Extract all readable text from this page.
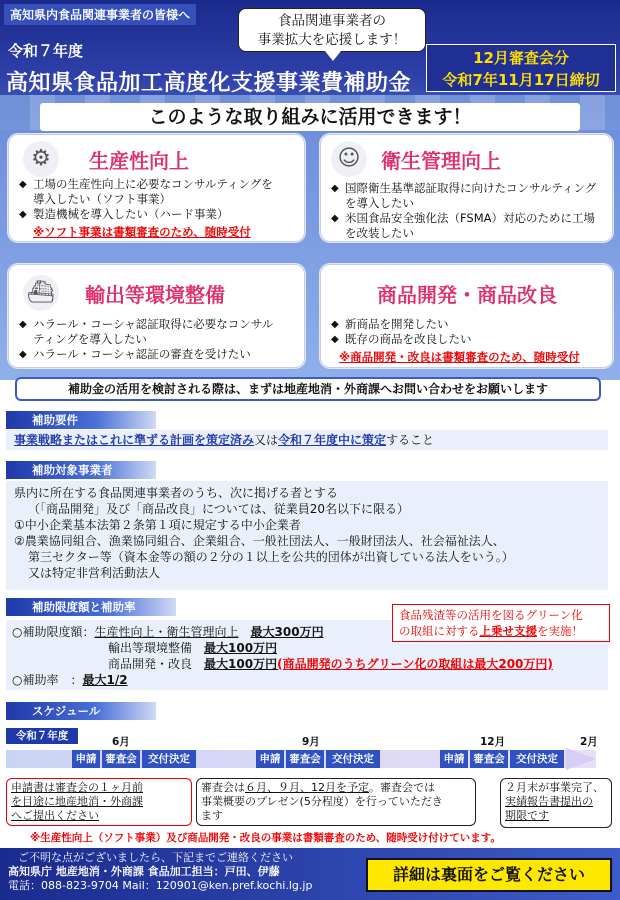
高知県内食品関連事業者の皆様へ	食品関連事業者の
事業拡大を応援します！
令和７年度
高知県食品加工高度化支援事業費補助金
12月審査会分
令和7年11月17日締切
このような取り組みに活用できます！
⚙	生産性向上
◆ 工場の生産性向上に必要なコンサルティングを
導入したい（ソフト事業）
◆ 製造機械を導入したい（ハード事業）
※ソフト事業は書類審査のため、随時受付
☺	衛生管理向上
◆ 国際衛生基準認証取得に向けたコンサルティング
を導入したい
◆ 米国食品安全強化法（FSMA）対応のために工場
を改装したい
⛴ 輸出等環境整備
◆ ハラール・コーシャ認証取得に必要なコンサル
ティングを導入したい
◆ ハラール・コーシャ認証の審査を受けたい
商品開発・商品改良
◆ 新商品を開発したい
◆ 既存の商品を改良したい
※商品開発・改良は書類審査のため、随時受付
補助金の活用を検討される際は、まずは地産地消・外商課へお問い合わせをお願いします
補助要件
事業戦略またはこれに準ずる計画を策定済み又は令和７年度中に策定すること
補助対象事業者
県内に所在する食品関連事業者のうち、次に掲げる者とする
（「商品開発」及び「商品改良」については、従業員20名以下に限る）
①中小企業基本法第２条第１項に規定する中小企業者
②農業協同組合、漁業協同組合、企業組合、一般社団法人、一般財団法人、社会福祉法人、
第三セクター等（資本金等の額の２分の１以上を公共的団体が出資している法人をいう。）
又は特定非営利活動法人
補助限度額と補助率
○補助限度額：生産性向上・衛生管理向上　 最大300万円
輸出等環境整備　 最大100万円
商品開発・改良　 最大100万円(商品開発のうちグリーン化の取組は最大200万円)
○補助率　：最大1/2
食品残渣等の活用を図るグリーン化
の取組に対する上乗せ支援を実施！
スケジュール
令和７年度	6月	9月	12月	2月
申請 審査会	交付決定	申請 審査会	交付決定	申請 審査会	交付決定
申請書は審査会の１ヶ月前
を目途に地産地消・外商課
へご提出ください
審査会は６月、９月、12月を予定。審査会では
事業概要のプレゼン(5分程度）を行っていただき
ます
２月末が事業完了、
実績報告書提出の
期限です
※生産性向上（ソフト事業）及び商品開発・改良の事業は書類審査のため、随時受け付けています。
ご不明な点がございましたら、下記までご連絡ください
高知県庁 地産地消・外商課 食品加工担当：戸田、伊藤
電話：088-823-9704 Mail：120901@ken.pref.kochi.lg.jp
詳細は裏面をご覧ください
